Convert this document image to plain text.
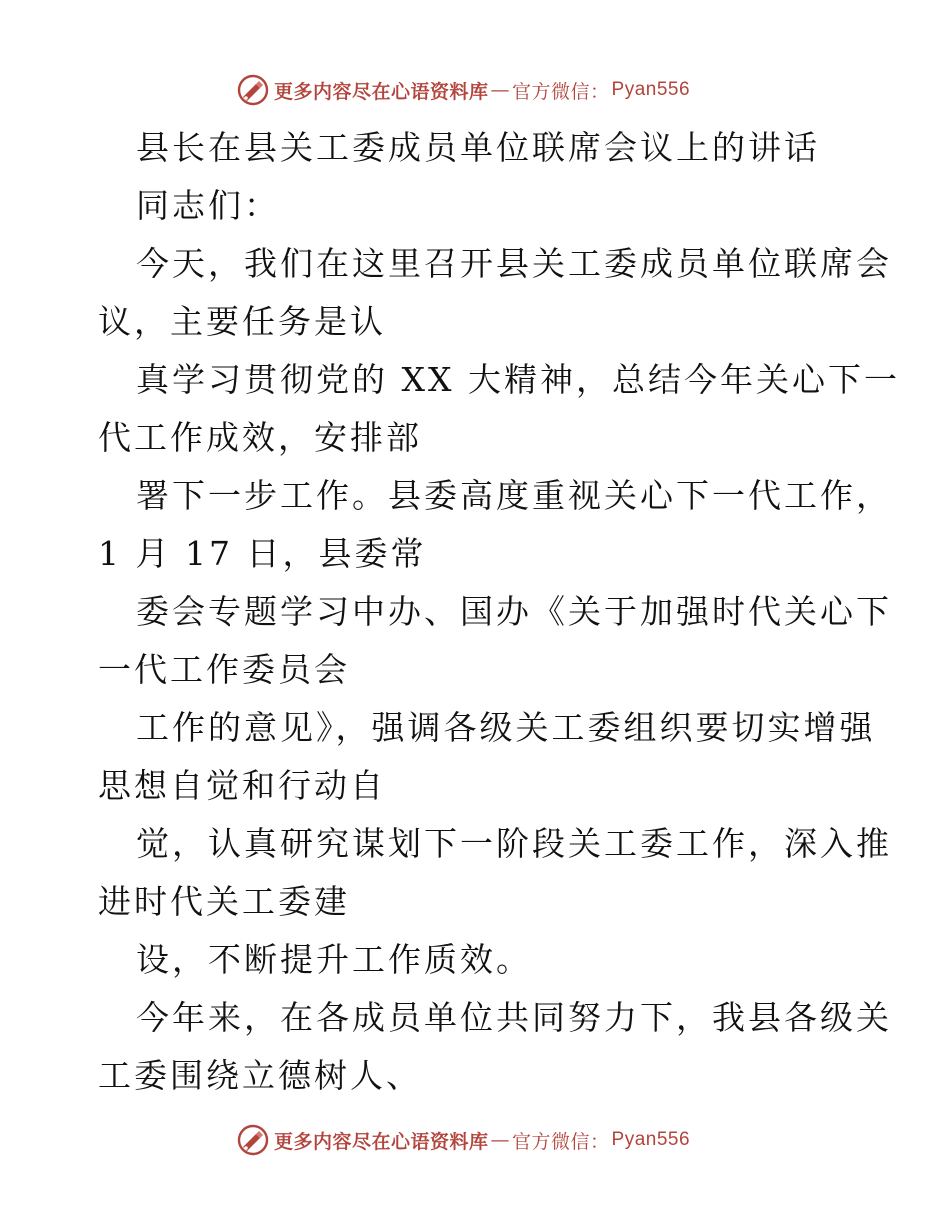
更多内容尽在心语资料库 — 官方微信： Pyan556
县长在县关工委成员单位联席会议上的讲话
同志们：
今天，我们在这里召开县关工委成员单位联席会
议，主要任务是认
真学习贯彻党的 XX 大精神，总结今年关心下一
代工作成效，安排部
署下一步工作。县委高度重视关心下一代工作，
1 月 17 日，县委常
委会专题学习中办、国办《关于加强时代关心下
一代工作委员会
工作的意见》，强调各级关工委组织要切实增强
思想自觉和行动自
觉，认真研究谋划下一阶段关工委工作，深入推
进时代关工委建
设，不断提升工作质效。
今年来，在各成员单位共同努力下，我县各级关
工委围绕立德树人、
更多内容尽在心语资料库 — 官方微信： Pyan556
